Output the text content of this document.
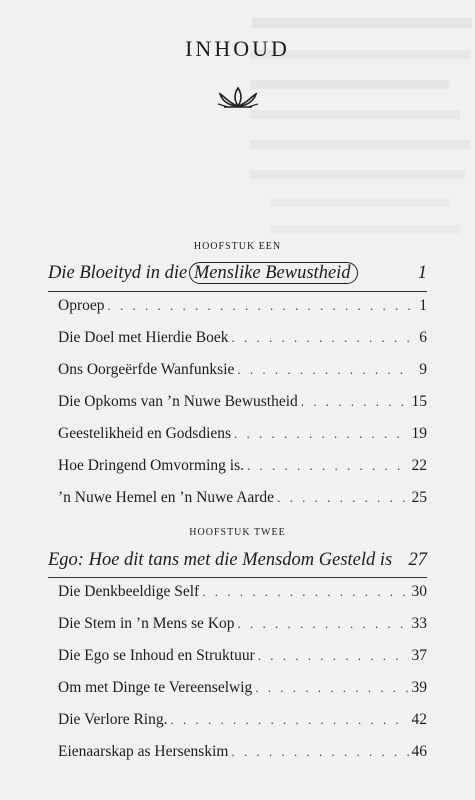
INHOUD
HOOFSTUK EEN
Die Bloeityd in die Menslike Bewustheid	1
Oproep . . .	1
Die Doel met Hierdie Boek . . .	6
Ons Oorgeërfde Wanfunksie . . .	9
Die Opkoms van ’n Nuwe Bewustheid . . .	15
Geestelikheid en Godsdiens . . .	19
Hoe Dringend Omvorming is. . . .	22
’n Nuwe Hemel en ’n Nuwe Aarde . . .	25
HOOFSTUK TWEE
Ego: Hoe dit tans met die Mensdom Gesteld is 27
Die Denkbeeldige Self . . .	30
Die Stem in ’n Mens se Kop . . .	33
Die Ego se Inhoud en Struktuur . . .	37
Om met Dinge te Vereenselwig . . .	39
Die Verlore Ring. . . .	42
Eienaarskap as Hersenskim . . .	46
